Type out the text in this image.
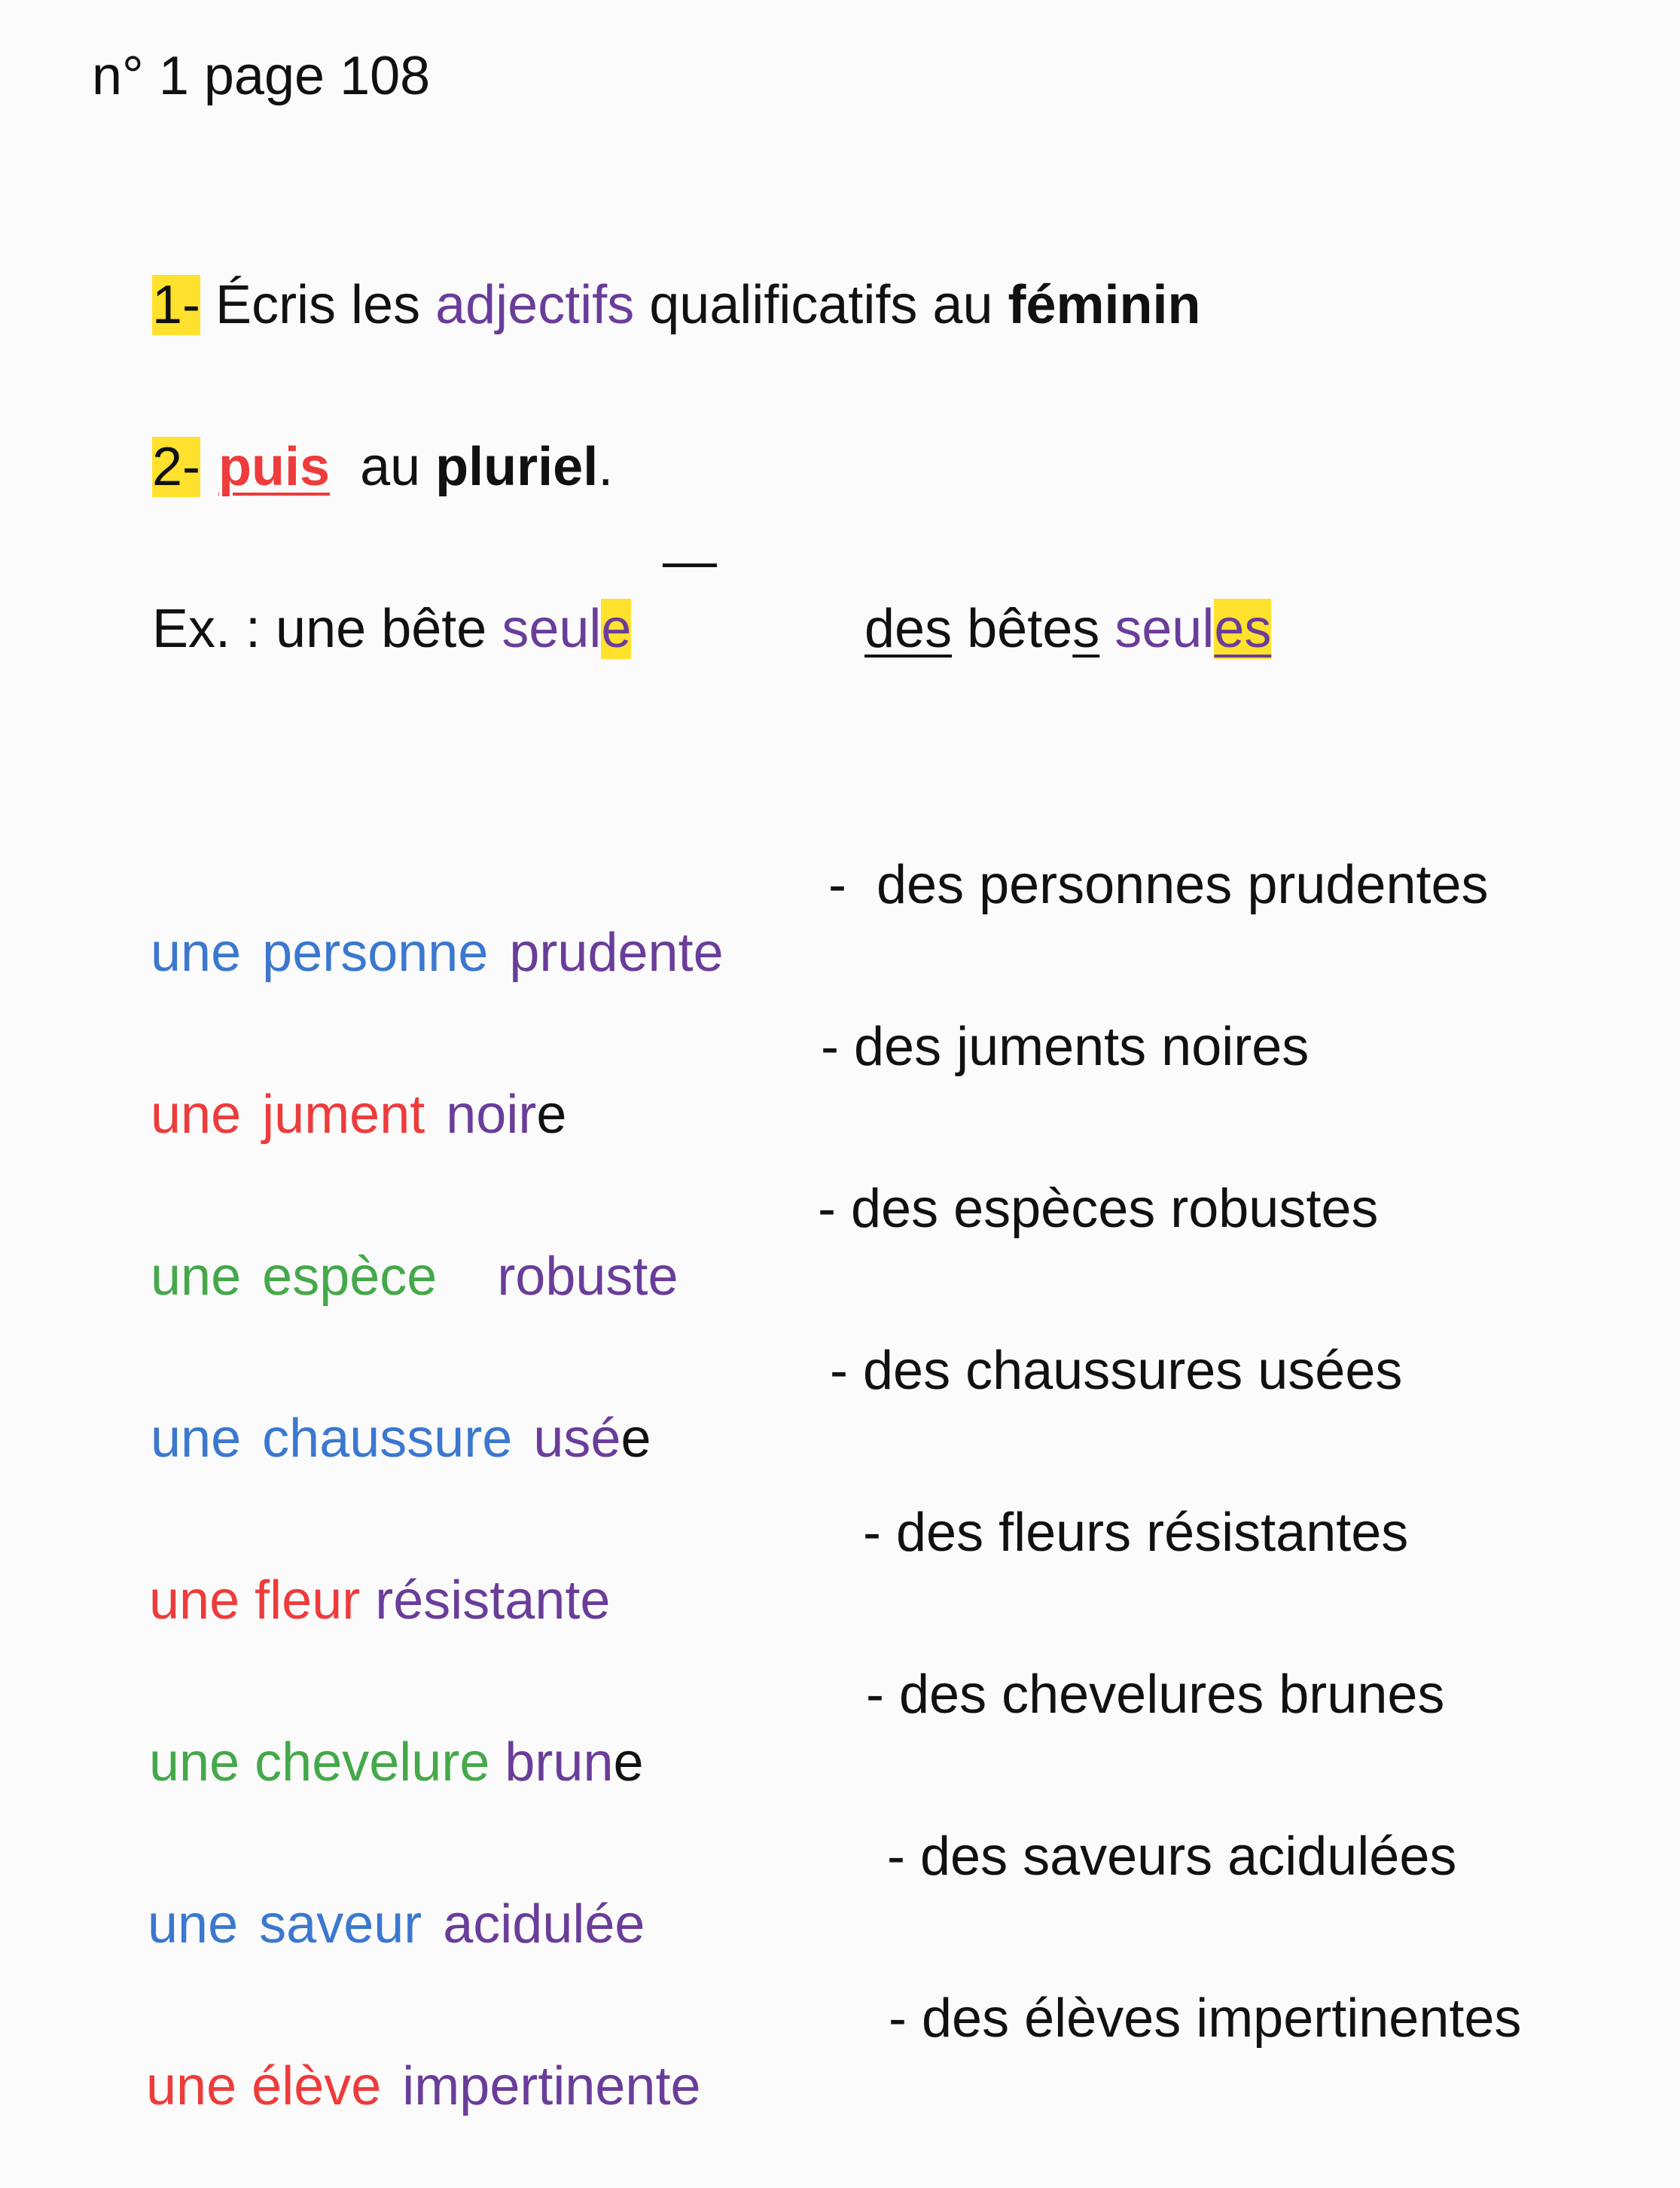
n° 1 page 108

1- Écris les adjectifs qualificatifs au féminin

2- puis  au pluriel.

Ex. : une bête seule

—

des bêtes seules

une personne prudente

-  des personnes prudentes

une jument noire

- des juments noires

une espèce robuste

- des espèces robustes

une chaussure usée

- des chaussures usées

une fleur résistante

- des fleurs résistantes

une chevelure brune

- des chevelures brunes

une saveur acidulée

- des saveurs acidulées

une élève impertinente

- des élèves impertinentes
